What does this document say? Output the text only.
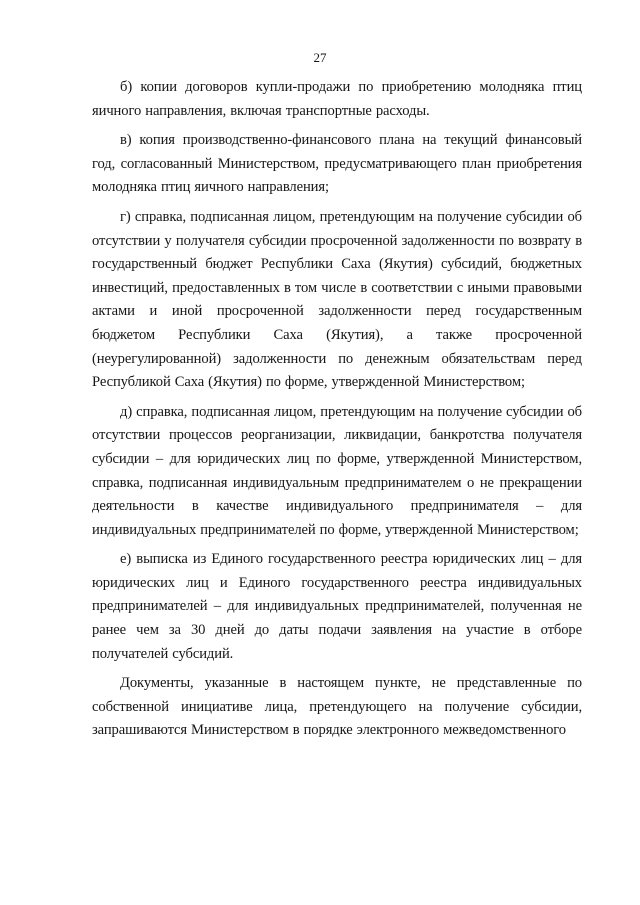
27

б) копии договоров купли-продажи по приобретению молодняка птиц яичного направления, включая транспортные расходы.

в) копия производственно-финансового плана на текущий финансовый год, согласованный Министерством, предусматривающего план приобретения молодняка птиц яичного направления;

г) справка, подписанная лицом, претендующим на получение субсидии об отсутствии у получателя субсидии просроченной задолженности по возврату в государственный бюджет Республики Саха (Якутия) субсидий, бюджетных инвестиций, предоставленных в том числе в соответствии с иными правовыми актами и иной просроченной задолженности перед государственным бюджетом Республики Саха (Якутия), а также просроченной (неурегулированной) задолженности по денежным обязательствам перед Республикой Саха (Якутия) по форме, утвержденной Министерством;

д) справка, подписанная лицом, претендующим на получение субсидии об отсутствии процессов реорганизации, ликвидации, банкротства получателя субсидии – для юридических лиц по форме, утвержденной Министерством, справка, подписанная индивидуальным предпринимателем о не прекращении деятельности в качестве индивидуального предпринимателя – для индивидуальных предпринимателей по форме, утвержденной Министерством;

е) выписка из Единого государственного реестра юридических лиц – для юридических лиц и Единого государственного реестра индивидуальных предпринимателей – для индивидуальных предпринимателей, полученная не ранее чем за 30 дней до даты подачи заявления на участие в отборе получателей субсидий.

Документы, указанные в настоящем пункте, не представленные по собственной инициативе лица, претендующего на получение субсидии, запрашиваются Министерством в порядке электронного межведомственного
